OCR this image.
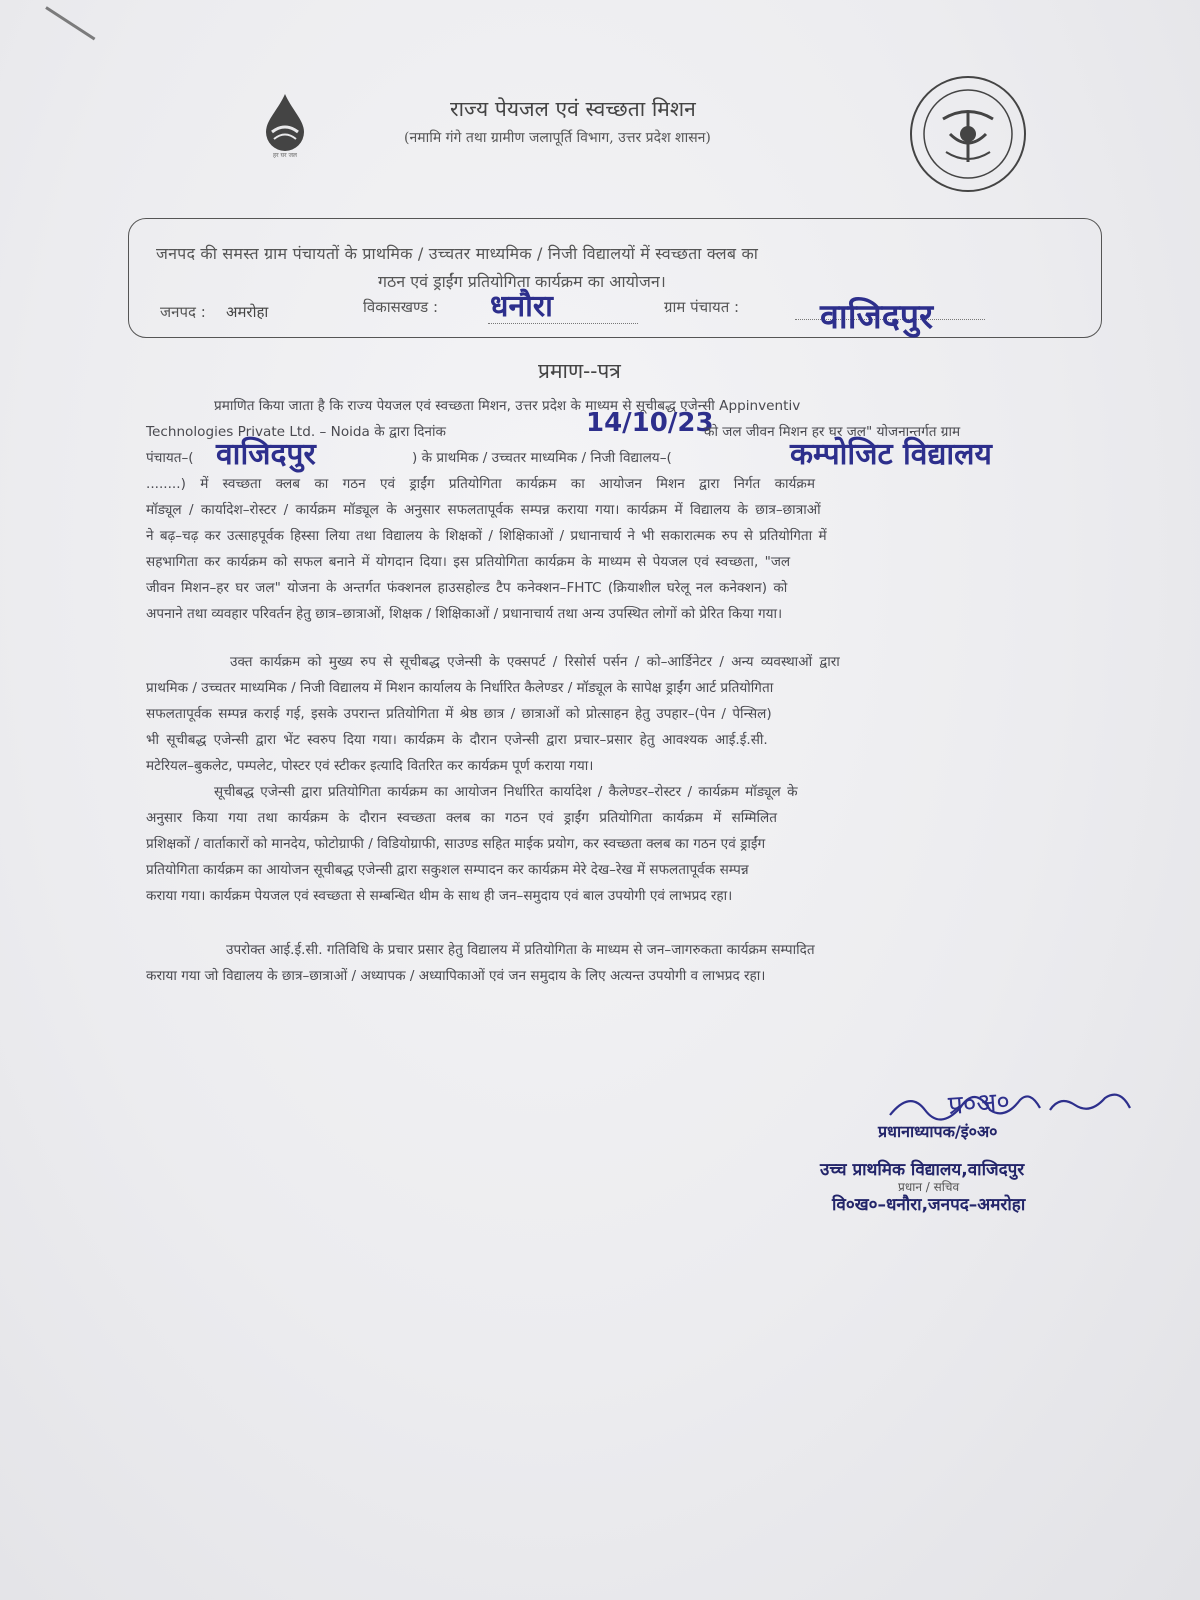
हर घर जल
राज्य पेयजल एवं स्वच्छता मिशन
(नमामि गंगे तथा ग्रामीण जलापूर्ति विभाग, उत्तर प्रदेश शासन)
जनपद की समस्त ग्राम पंचायतों के प्राथमिक / उच्चतर माध्यमिक / निजी विद्यालयों में स्वच्छता क्लब का
गठन एवं ड्राईंग प्रतियोगिता कार्यक्रम का आयोजन।
जनपद : अमरोहा	विकासखण्ड : धनौरा	ग्राम पंचायत : वाजिदपुर
प्रमाण--पत्र
प्रमाणित किया जाता है कि राज्य पेयजल एवं स्वच्छता मिशन, उत्तर प्रदेश के माध्यम से सूचीबद्ध एजेन्सी Appinventiv
Technologies Private Ltd. – Noida के द्वारा दिनांक	14/10/23
को जल जीवन मिशन हर घर जल" योजनान्तर्गत ग्राम
पंचायत–( वाजिदपुर	) के प्राथमिक / उच्चतर माध्यमिक / निजी विद्यालय–(	कम्पोजिट विद्यालय
........) में स्वच्छता क्लब का गठन एवं ड्राईंग प्रतियोगिता कार्यक्रम का आयोजन मिशन द्वारा निर्गत कार्यक्रम
मॉड्यूल / कार्यादेश–रोस्टर / कार्यक्रम मॉड्यूल के अनुसार सफलतापूर्वक सम्पन्न कराया गया। कार्यक्रम में विद्यालय के छात्र–छात्राओं
ने बढ़–चढ़ कर उत्साहपूर्वक हिस्सा लिया तथा विद्यालय के शिक्षकों / शिक्षिकाओं / प्रधानाचार्य ने भी सकारात्मक रुप से प्रतियोगिता में
सहभागिता कर कार्यक्रम को सफल बनाने में योगदान दिया। इस प्रतियोगिता कार्यक्रम के माध्यम से पेयजल एवं स्वच्छता, "जल
जीवन मिशन–हर घर जल" योजना के अन्तर्गत फंक्शनल हाउसहोल्ड टैप कनेक्शन–FHTC (क्रियाशील घरेलू नल कनेक्शन) को
अपनाने तथा व्यवहार परिवर्तन हेतु छात्र–छात्राओं, शिक्षक / शिक्षिकाओं / प्रधानाचार्य तथा अन्य उपस्थित लोगों को प्रेरित किया गया।
उक्त कार्यक्रम को मुख्य रुप से सूचीबद्ध एजेन्सी के एक्सपर्ट / रिसोर्स पर्सन / को–आर्डिनेटर / अन्य व्यवस्थाओं द्वारा
प्राथमिक / उच्चतर माध्यमिक / निजी विद्यालय में मिशन कार्यालय के निर्धारित कैलेण्डर / मॉड्यूल के सापेक्ष ड्राईंग आर्ट प्रतियोगिता
सफलतापूर्वक सम्पन्न कराई गई, इसके उपरान्त प्रतियोगिता में श्रेष्ठ छात्र / छात्राओं को प्रोत्साहन हेतु उपहार–(पेन / पेन्सिल)
भी सूचीबद्ध एजेन्सी द्वारा भेंट स्वरुप दिया गया। कार्यक्रम के दौरान एजेन्सी द्वारा प्रचार–प्रसार हेतु आवश्यक आई.ई.सी.
मटेरियल–बुकलेट, पम्पलेट, पोस्टर एवं स्टीकर इत्यादि वितरित कर कार्यक्रम पूर्ण कराया गया।
सूचीबद्ध एजेन्सी द्वारा प्रतियोगिता कार्यक्रम का आयोजन निर्धारित कार्यादेश / कैलेण्डर–रोस्टर / कार्यक्रम मॉड्यूल के
अनुसार किया गया तथा कार्यक्रम के दौरान स्वच्छता क्लब का गठन एवं ड्राईंग प्रतियोगिता कार्यक्रम में सम्मिलित
प्रशिक्षकों / वार्ताकारों को मानदेय, फोटोग्राफी / विडियोग्राफी, साउण्ड सहित माईक प्रयोग, कर स्वच्छता क्लब का गठन एवं ड्राईंग
प्रतियोगिता कार्यक्रम का आयोजन सूचीबद्ध एजेन्सी द्वारा सकुशल सम्पादन कर कार्यक्रम मेरे देख–रेख में सफलतापूर्वक सम्पन्न
कराया गया। कार्यक्रम पेयजल एवं स्वच्छता से सम्बन्धित थीम के साथ ही जन–समुदाय एवं बाल उपयोगी एवं लाभप्रद रहा।
उपरोक्त आई.ई.सी. गतिविधि के प्रचार प्रसार हेतु विद्यालय में प्रतियोगिता के माध्यम से जन–जागरुकता कार्यक्रम सम्पादित
कराया गया जो विद्यालय के छात्र–छात्राओं / अध्यापक / अध्यापिकाओं एवं जन समुदाय के लिए अत्यन्त उपयोगी व लाभप्रद रहा।
प्र०अ०
प्रधानाध्यापक/इं०अ०
उच्च प्राथमिक विद्यालय,वाजिदपुर
प्रधान / सचिव
वि०ख०–धनौरा,जनपद–अमरोहा
